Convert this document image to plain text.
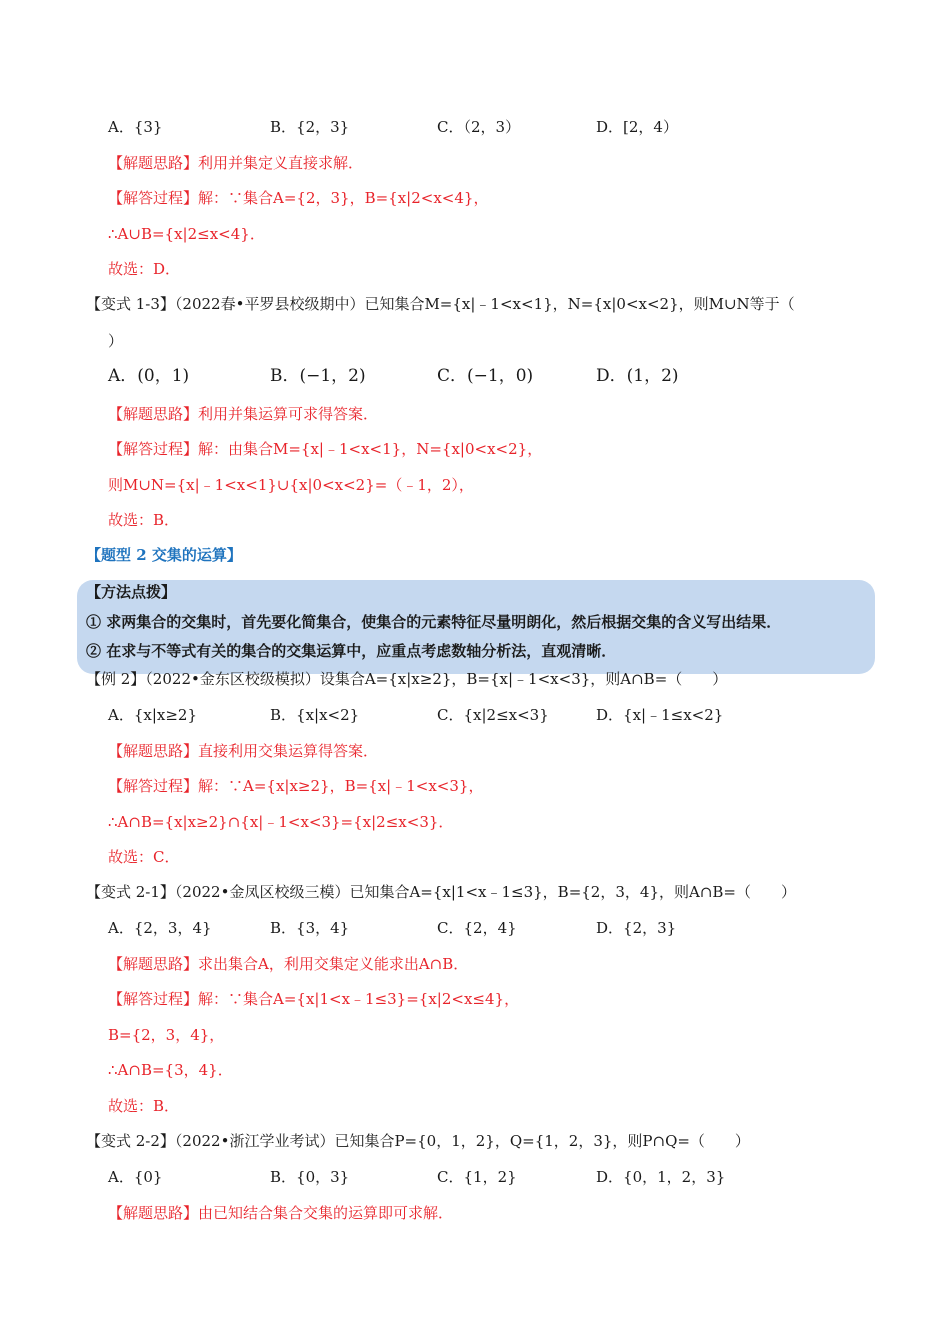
A．{3}	B．{2，3}	C．（2，3）	D．[2，4）
【解题思路】利用并集定义直接求解．
【解答过程】解：∵集合A={2，3}，B={x|2<x<4}，
∴A∪B={x|2≤x<4}．
故选：D．
【变式 1-3】（2022春•平罗县校级期中）已知集合M={x|﹣1<x<1}，N={x|0<x<2}，则M∪N等于（
）
A．(0，1)	B．(−1，2)	C．(−1，0)	D．(1，2)
【解题思路】利用并集运算可求得答案．
【解答过程】解：由集合M={x|﹣1<x<1}，N={x|0<x<2}，
则M∪N={x|﹣1<x<1}∪{x|0<x<2}=（﹣1，2），
故选：B．
【题型 2 交集的运算】
【方法点拨】
① 求两集合的交集时，首先要化简集合，使集合的元素特征尽量明朗化，然后根据交集的含义写出结果．
② 在求与不等式有关的集合的交集运算中，应重点考虑数轴分析法，直观清晰．
【例 2】（2022•金东区校级模拟）设集合A={x|x≥2}，B={x|﹣1<x<3}，则A∩B=（　　）
A．{x|x≥2}	B．{x|x<2}	C．{x|2≤x<3}	D．{x|﹣1≤x<2}
【解题思路】直接利用交集运算得答案．
【解答过程】解：∵A={x|x≥2}，B={x|﹣1<x<3}，
∴A∩B={x|x≥2}∩{x|﹣1<x<3}={x|2≤x<3}．
故选：C．
【变式 2-1】（2022•金凤区校级三模）已知集合A={x|1<x﹣1≤3}，B={2，3，4}，则A∩B=（　　）
A．{2，3，4}	B．{3，4}	C．{2，4}	D．{2，3}
【解题思路】求出集合A，利用交集定义能求出A∩B．
【解答过程】解：∵集合A={x|1<x﹣1≤3}={x|2<x≤4}，
B={2，3，4}，
∴A∩B={3，4}．
故选：B．
【变式 2-2】（2022•浙江学业考试）已知集合P={0，1，2}，Q={1，2，3}，则P∩Q=（　　）
A．{0}	B．{0，3}	C．{1，2}	D．{0，1，2，3}
【解题思路】由已知结合集合交集的运算即可求解．
